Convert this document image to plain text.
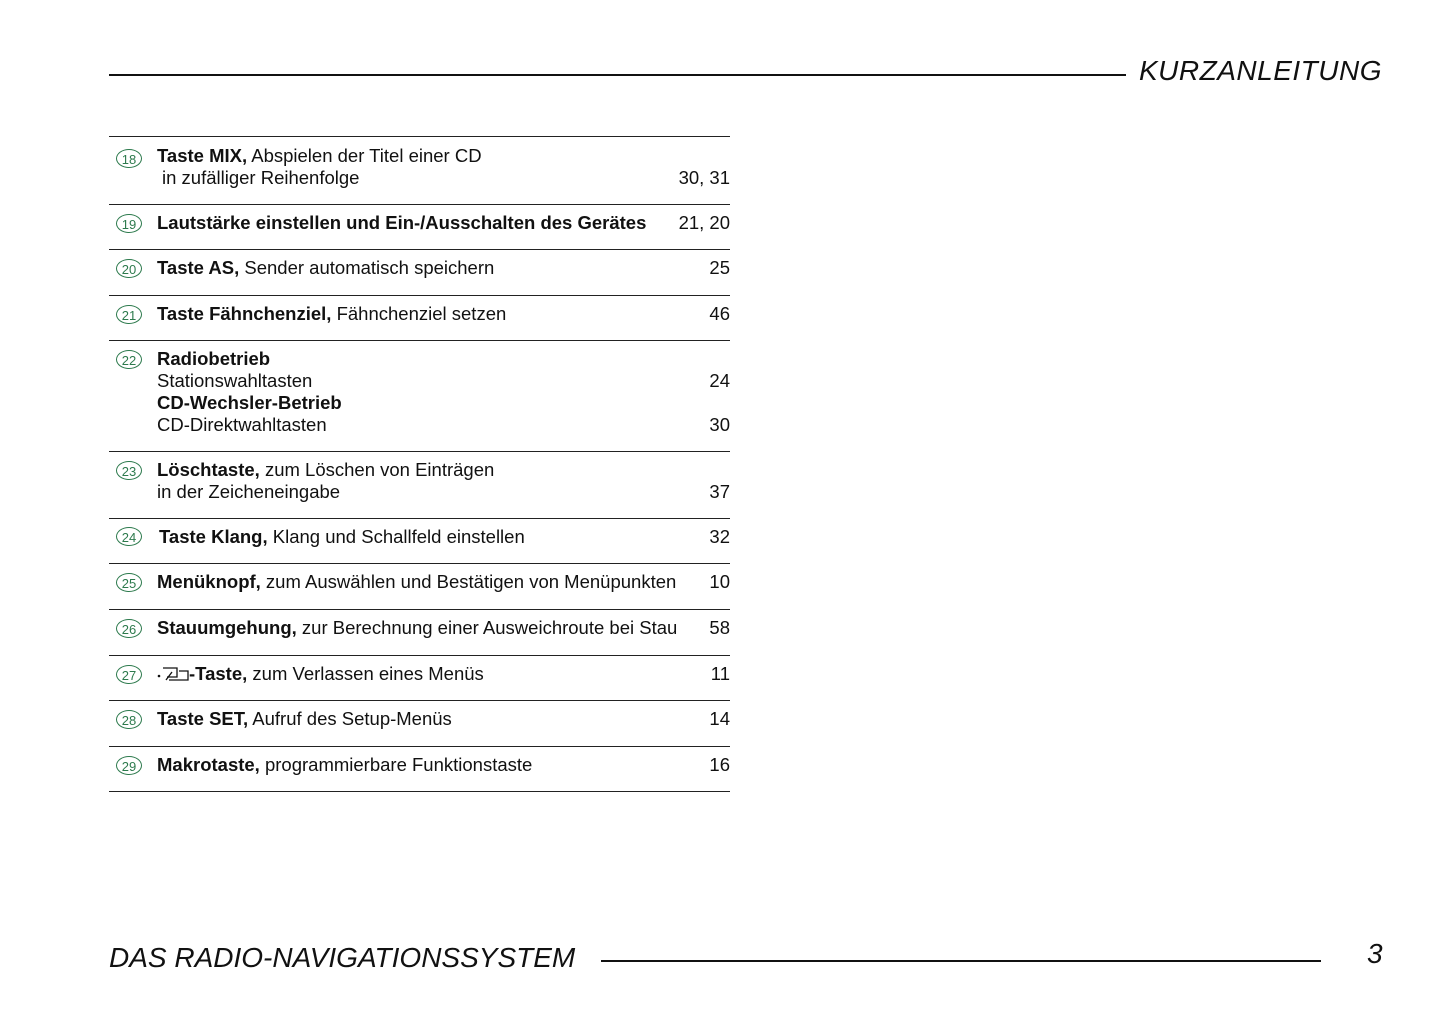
KURZANLEITUNG
18	Taste MIX, Abspielen der Titel einer CD
in zufälliger Reihenfolge	30, 31
19	Lautstärke einstellen und Ein-/Ausschalten des Gerätes 21, 20
20	Taste AS, Sender automatisch speichern	25
21	Taste Fähnchenziel, Fähnchenziel setzen	46
22	Radiobetrieb
Stationswahltasten	24
CD-Wechsler-Betrieb
CD-Direktwahltasten	30
23	Löschtaste, zum Löschen von Einträgen
in der Zeicheneingabe	37
24	Taste Klang, Klang und Schallfeld einstellen	32
25	Menüknopf, zum Auswählen und Bestätigen von Menüpunkten 10
26	Stauumgehung, zur Berechnung einer Ausweichroute bei Stau 58
27	-Taste, zum Verlassen eines Menüs	11
28	Taste SET, Aufruf des Setup-Menüs	14
29	Makrotaste, programmierbare Funktionstaste	16
DAS RADIO-NAVIGATIONSSYSTEM	3
